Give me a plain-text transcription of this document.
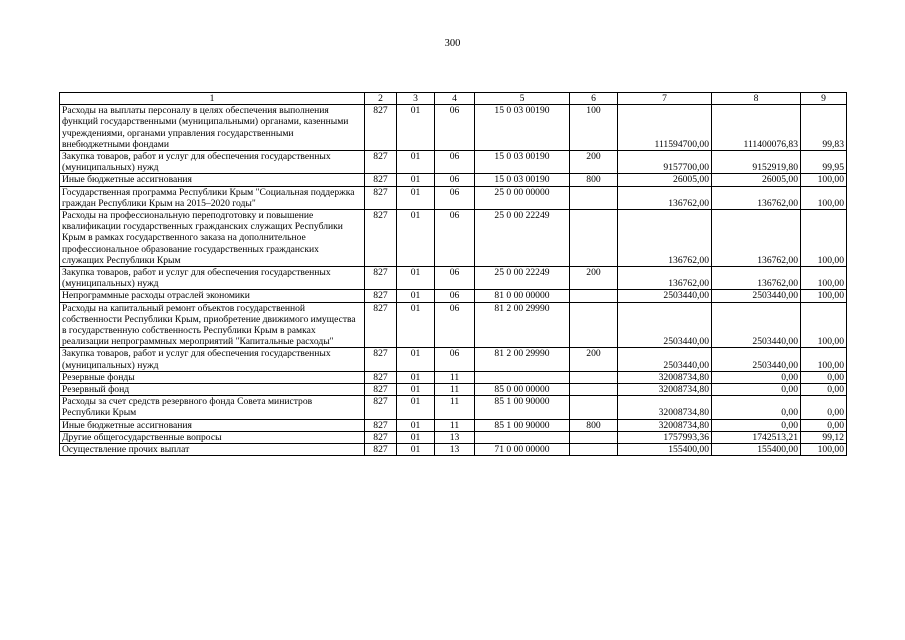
300
1	2	3	4	5	6	7	8	9
Расходы на выплаты персоналу в целях обеспечения выполнения функций государственными (муниципальными) органами, казенными учреждениями, органами управления государственными внебюджетными фондами	827	01	06	15 0 03 00190	100	111594700,00	111400076,83	99,83
Закупка товаров, работ и услуг для обеспечения государственных (муниципальных) нужд	827	01	06	15 0 03 00190	200	9157700,00	9152919,80	99,95
Иные бюджетные ассигнования	827	01	06	15 0 03 00190	800	26005,00	26005,00	100,00
Государственная программа Республики Крым "Социальная поддержка граждан Республики Крым на 2015–2020 годы"	827	01	06	25 0 00 00000		136762,00	136762,00	100,00
Расходы на профессиональную переподготовку и повышение квалификации государственных гражданских служащих Республики Крым в рамках государственного заказа на дополнительное профессиональное образование государственных гражданских служащих Республики Крым	827	01	06	25 0 00 22249		136762,00	136762,00	100,00
Закупка товаров, работ и услуг для обеспечения государственных (муниципальных) нужд	827	01	06	25 0 00 22249	200	136762,00	136762,00	100,00
Непрограммные расходы отраслей экономики	827	01	06	81 0 00 00000		2503440,00	2503440,00	100,00
Расходы на капитальный ремонт объектов государственной собственности Республики Крым, приобретение движимого имущества в государственную собственность Республики Крым в рамках реализации непрограммных мероприятий "Капитальные расходы"	827	01	06	81 2 00 29990		2503440,00	2503440,00	100,00
Закупка товаров, работ и услуг для обеспечения государственных (муниципальных) нужд	827	01	06	81 2 00 29990	200	2503440,00	2503440,00	100,00
Резервные фонды	827	01	11			32008734,80	0,00	0,00
Резервный фонд	827	01	11	85 0 00 00000		32008734,80	0,00	0,00
Расходы за счет средств резервного фонда Совета министров Республики Крым	827	01	11	85 1 00 90000		32008734,80	0,00	0,00
Иные бюджетные ассигнования	827	01	11	85 1 00 90000	800	32008734,80	0,00	0,00
Другие общегосударственные вопросы	827	01	13			1757993,36	1742513,21	99,12
Осуществление прочих выплат	827	01	13	71 0 00 00000		155400,00	155400,00	100,00
